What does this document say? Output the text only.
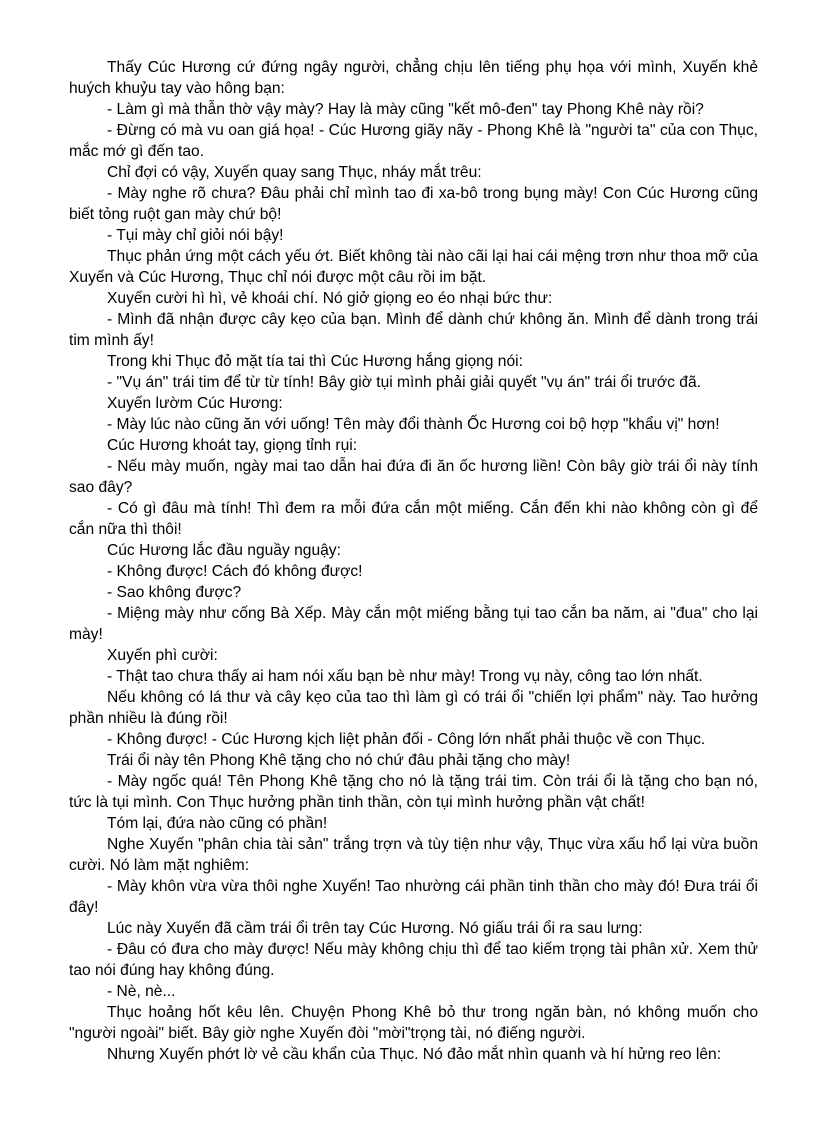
Thấy Cúc Hương cứ đứng ngây người, chẳng chịu lên tiếng phụ họa với mình, Xuyến khẻ huých khuỷu tay vào hông bạn:

- Làm gì mà thẫn thờ vậy mày? Hay là mày cũng "kết mô-đen" tay Phong Khê này rồi?

- Đừng có mà vu oan giá họa! - Cúc Hương giãy nãy - Phong Khê là "người ta" của con Thục, mắc mớ gì đến tao.

Chỉ đợi có vậy, Xuyến quay sang Thục, nháy mắt trêu:

- Mày nghe rõ chưa? Đâu phải chỉ mình tao đi xa-bô trong bụng mày! Con Cúc Hương cũng biết tỏng ruột gan mày chứ bộ!

- Tụi mày chỉ giỏi nói bậy!

Thục phản ứng một cách yếu ớt. Biết không tài nào cãi lại hai cái mệng trơn như thoa mỡ của Xuyến và Cúc Hương, Thục chỉ nói được một câu rồi im bặt.

Xuyến cười hì hì, vẻ khoái chí. Nó giở giọng eo éo nhại bức thư:

- Mình đã nhận được cây kẹo của bạn. Mình để dành chứ không ăn. Mình để dành trong trái tim mình ấy!

Trong khi Thục đỏ mặt tía tai thì Cúc Hương hắng giọng nói:

- "Vụ án" trái tim để từ từ tính! Bây giờ tụi mình phải giải quyết "vụ án" trái ổi trước đã.

Xuyến lườm Cúc Hương:

- Mày lúc nào cũng ăn với uống! Tên mày đổi thành Ốc Hương coi bộ hợp "khẩu vị" hơn!

Cúc Hương khoát tay, giọng tỉnh rụi:

- Nếu mày muốn, ngày mai tao dẫn hai đứa đi ăn ốc hương liền! Còn bây giờ trái ổi này tính sao đây?

- Có gì đâu mà tính! Thì đem ra mỗi đứa cắn một miếng. Cắn đến khi nào không còn gì để cắn nữa thì thôi!

Cúc Hương lắc đầu nguầy nguậy:

- Không được! Cách đó không được!

- Sao không được?

- Miệng mày như cống Bà Xếp. Mày cắn một miếng bằng tụi tao cắn ba năm, ai "đua" cho lại mày!

Xuyến phì cười:

- Thật tao chưa thấy ai ham nói xấu bạn bè như mày! Trong vụ này, công tao lớn nhất.

Nếu không có lá thư và cây kẹo của tao thì làm gì có trái ổi "chiến lợi phẩm" này. Tao hưởng phần nhiều là đúng rồi!

- Không được! - Cúc Hương kịch liệt phản đối - Công lớn nhất phải thuộc về con Thục.

Trái ổi này tên Phong Khê tặng cho nó chứ đâu phải tặng cho mày!

- Mày ngốc quá! Tên Phong Khê tặng cho nó là tặng trái tim. Còn trái ổi là tặng cho bạn nó, tức là tụi mình. Con Thục hưởng phần tinh thần, còn tụi mình hưởng phần vật chất!

Tóm lại, đứa nào cũng có phần!

Nghe Xuyến "phân chia tài sản" trắng trợn và tùy tiện như vậy, Thục vừa xấu hổ lại vừa buồn cười. Nó làm mặt nghiêm:

- Mày khôn vừa vừa thôi nghe Xuyến! Tao nhường cái phần tinh thần cho mày đó! Đưa trái ổi đây!

Lúc này Xuyến đã cầm trái ổi trên tay Cúc Hương. Nó giấu trái ổi ra sau lưng:

- Đâu có đưa cho mày được! Nếu mày không chịu thì để tao kiếm trọng tài phân xử. Xem thử tao nói đúng hay không đúng.

- Nè, nè...

Thục hoảng hốt kêu lên. Chuyện Phong Khê bỏ thư trong ngăn bàn, nó không muốn cho "người ngoài" biết. Bây giờ nghe Xuyến đòi "mời"trọng tài, nó điếng người.

Nhưng Xuyến phớt lờ vẻ cầu khẩn của Thục. Nó đảo mắt nhìn quanh và hí hửng reo lên:
